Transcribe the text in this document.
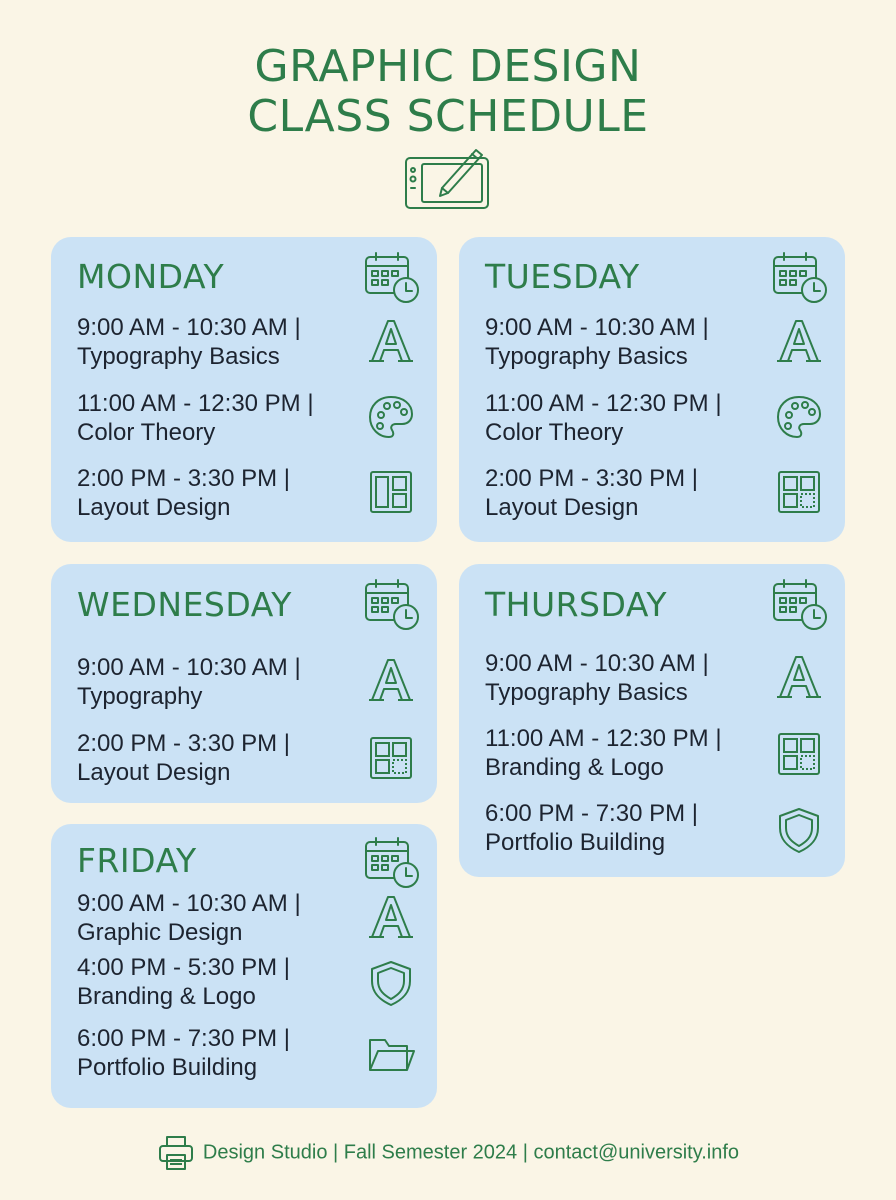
GRAPHIC DESIGN
CLASS SCHEDULE
MONDAY
9:00 AM - 10:30 AM |
Typography Basics
11:00 AM - 12:30 PM |
Color Theory
2:00 PM - 3:30 PM |
Layout Design
TUESDAY
9:00 AM - 10:30 AM |
Typography Basics
11:00 AM - 12:30 PM |
Color Theory
2:00 PM - 3:30 PM |
Layout Design
WEDNESDAY
9:00 AM - 10:30 AM |
Typography
2:00 PM - 3:30 PM |
Layout Design
THURSDAY
9:00 AM - 10:30 AM |
Typography Basics
11:00 AM - 12:30 PM |
Branding & Logo
6:00 PM - 7:30 PM |
Portfolio Building
FRIDAY
9:00 AM - 10:30 AM |
Graphic Design
4:00 PM - 5:30 PM |
Branding & Logo
6:00 PM - 7:30 PM |
Portfolio Building
Design Studio | Fall Semester 2024 | contact@university.info
